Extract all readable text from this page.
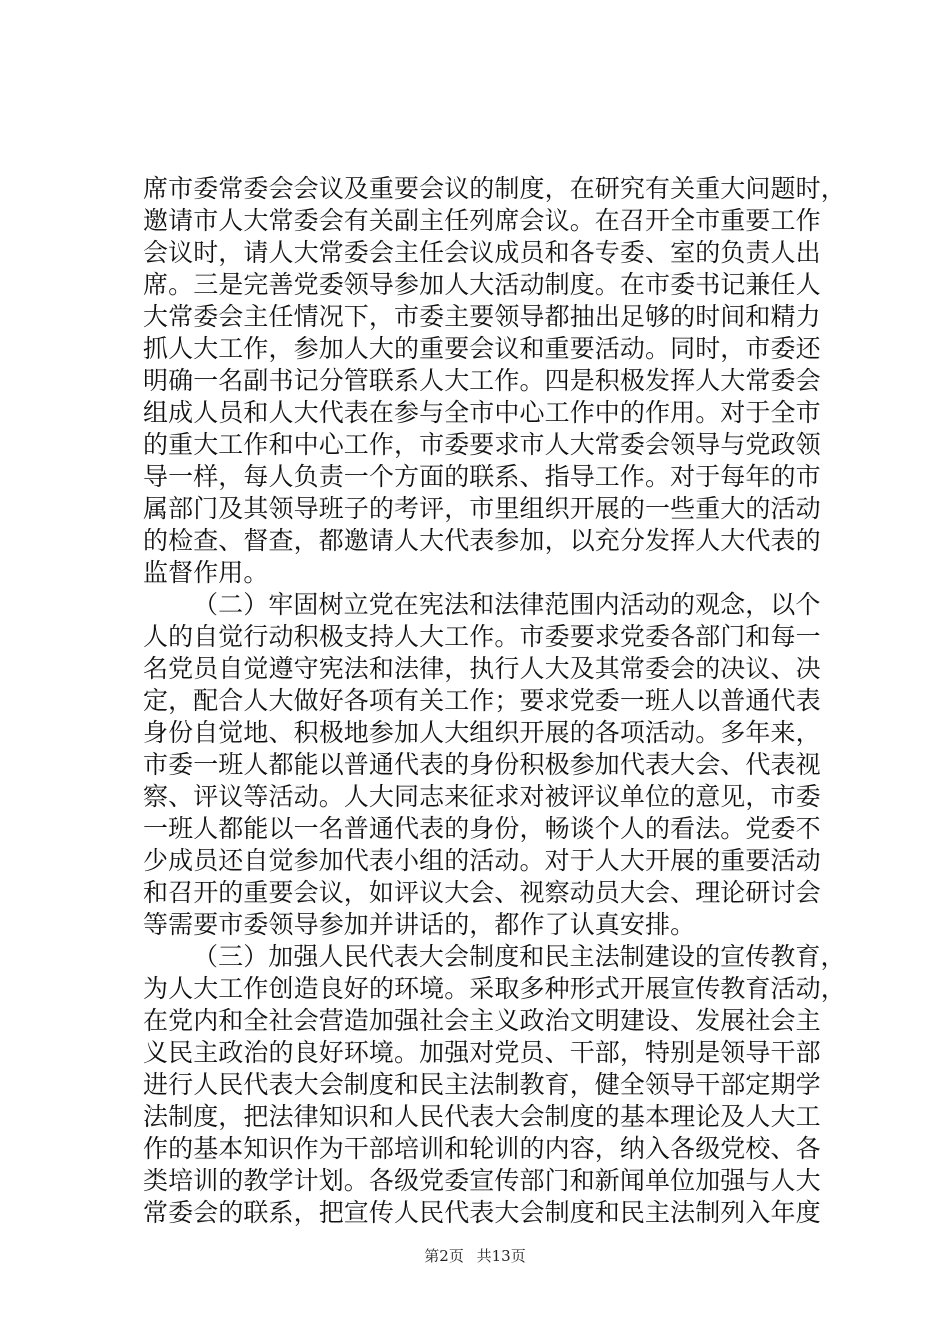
席市委常委会会议及重要会议的制度，在研究有关重大问题时，
邀请市人大常委会有关副主任列席会议。在召开全市重要工作
会议时，请人大常委会主任会议成员和各专委、室的负责人出
席。三是完善党委领导参加人大活动制度。在市委书记兼任人
大常委会主任情况下，市委主要领导都抽出足够的时间和精力
抓人大工作，参加人大的重要会议和重要活动。同时，市委还
明确一名副书记分管联系人大工作。四是积极发挥人大常委会
组成人员和人大代表在参与全市中心工作中的作用。对于全市
的重大工作和中心工作，市委要求市人大常委会领导与党政领
导一样，每人负责一个方面的联系、指导工作。对于每年的市
属部门及其领导班子的考评，市里组织开展的一些重大的活动
的检查、督查，都邀请人大代表参加，以充分发挥人大代表的
监督作用。
（二）牢固树立党在宪法和法律范围内活动的观念，以个
人的自觉行动积极支持人大工作。市委要求党委各部门和每一
名党员自觉遵守宪法和法律，执行人大及其常委会的决议、决
定，配合人大做好各项有关工作；要求党委一班人以普通代表
身份自觉地、积极地参加人大组织开展的各项活动。多年来，
市委一班人都能以普通代表的身份积极参加代表大会、代表视
察、评议等活动。人大同志来征求对被评议单位的意见，市委
一班人都能以一名普通代表的身份，畅谈个人的看法。党委不
少成员还自觉参加代表小组的活动。对于人大开展的重要活动
和召开的重要会议，如评议大会、视察动员大会、理论研讨会
等需要市委领导参加并讲话的，都作了认真安排。
（三）加强人民代表大会制度和民主法制建设的宣传教育，
为人大工作创造良好的环境。采取多种形式开展宣传教育活动，
在党内和全社会营造加强社会主义政治文明建设、发展社会主
义民主政治的良好环境。加强对党员、干部，特别是领导干部
进行人民代表大会制度和民主法制教育，健全领导干部定期学
法制度，把法律知识和人民代表大会制度的基本理论及人大工
作的基本知识作为干部培训和轮训的内容，纳入各级党校、各
类培训的教学计划。各级党委宣传部门和新闻单位加强与人大
常委会的联系，把宣传人民代表大会制度和民主法制列入年度
第2页 共13页
